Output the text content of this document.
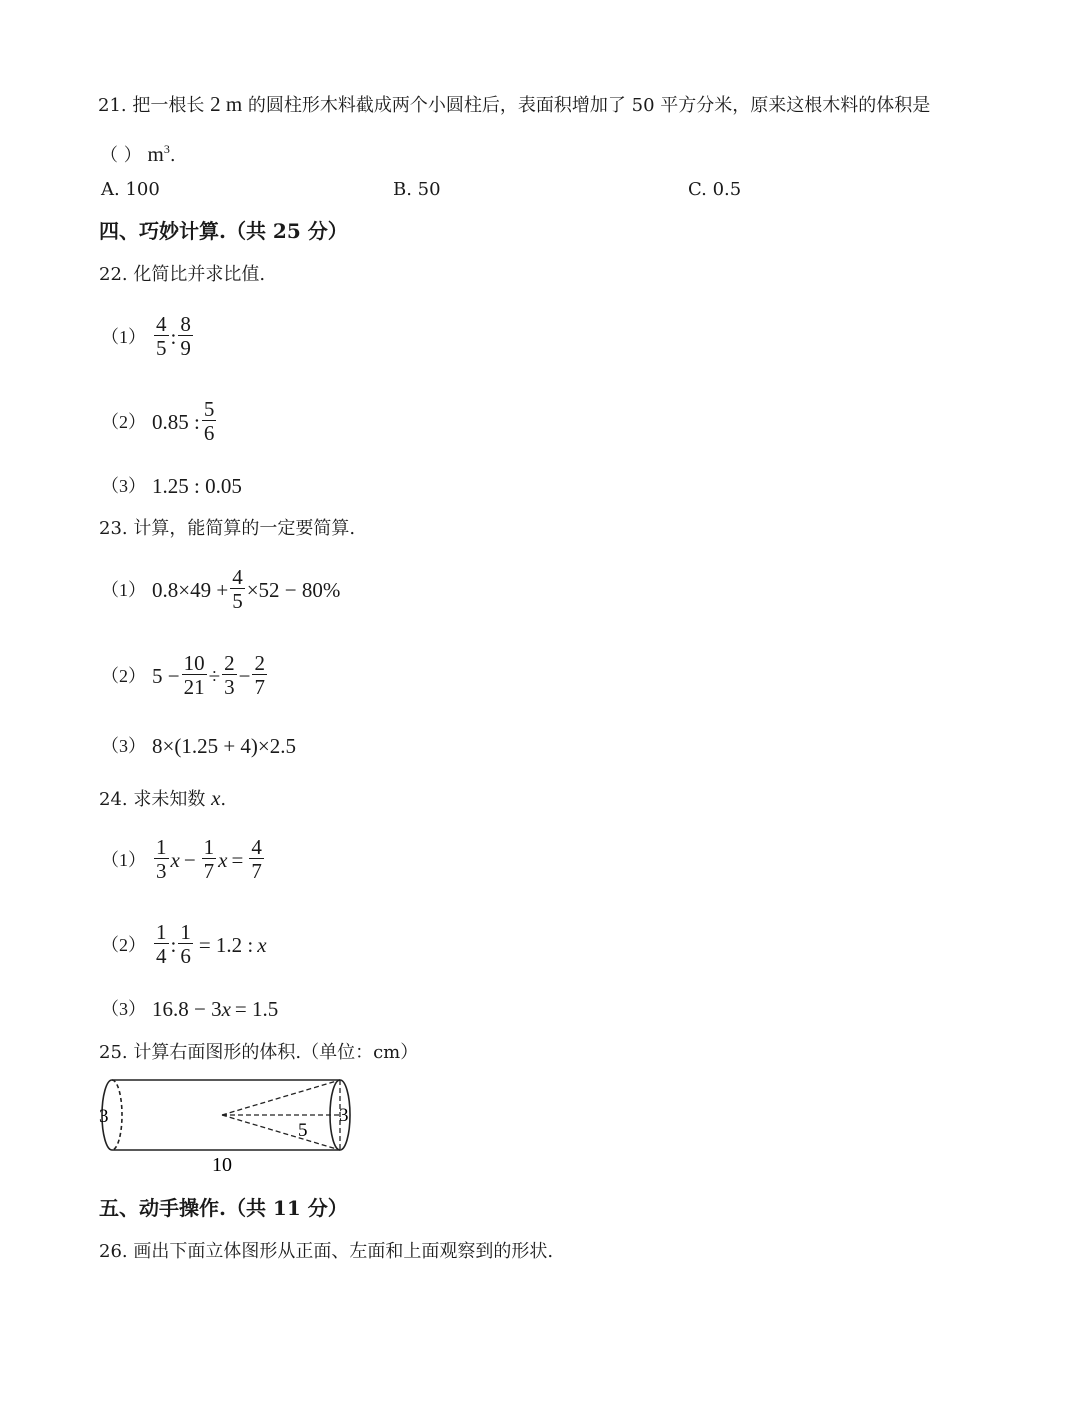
21. 把一根长 2 m 的圆柱形木料截成两个小圆柱后，表面积增加了 50 平方分米，原来这根木料的体积是
（ ） $m^3$.
A. 100	B. 50	C. 0.5
四、巧妙计算.（共 25 分）
22. 化简比并求比值.
$(1) \frac{4}{5}$ : $\frac{8}{9}$
（2） 0.85 : $\frac{5}{6}$
（3） 1.25 : 0.05
23. 计算，能简算的一定要简算.
（1） $0.8\times 49 + \frac{4}{5} \times 52 - 80\%$
（2） $5 - \frac{10}{21} \div \frac{2}{3} - \frac{2}{7}$
（3） 8×(1.25 + 4)×2.5
24. 求未知数 x.
$(1) \frac{1}{3}$ $x - \frac{1}{7}$ $x = \frac{4}{7}$
$(2) \frac{1}{4}$ : $\frac{1}{6} = 1.2$ : x
（3） 16.8 − 3 x = 1.5
25. 计算右面图形的体积.（单位：cm）
3	3
5
10
五、动手操作.（共 11 分）
26. 画出下面立体图形从正面、左面和上面观察到的形状.
